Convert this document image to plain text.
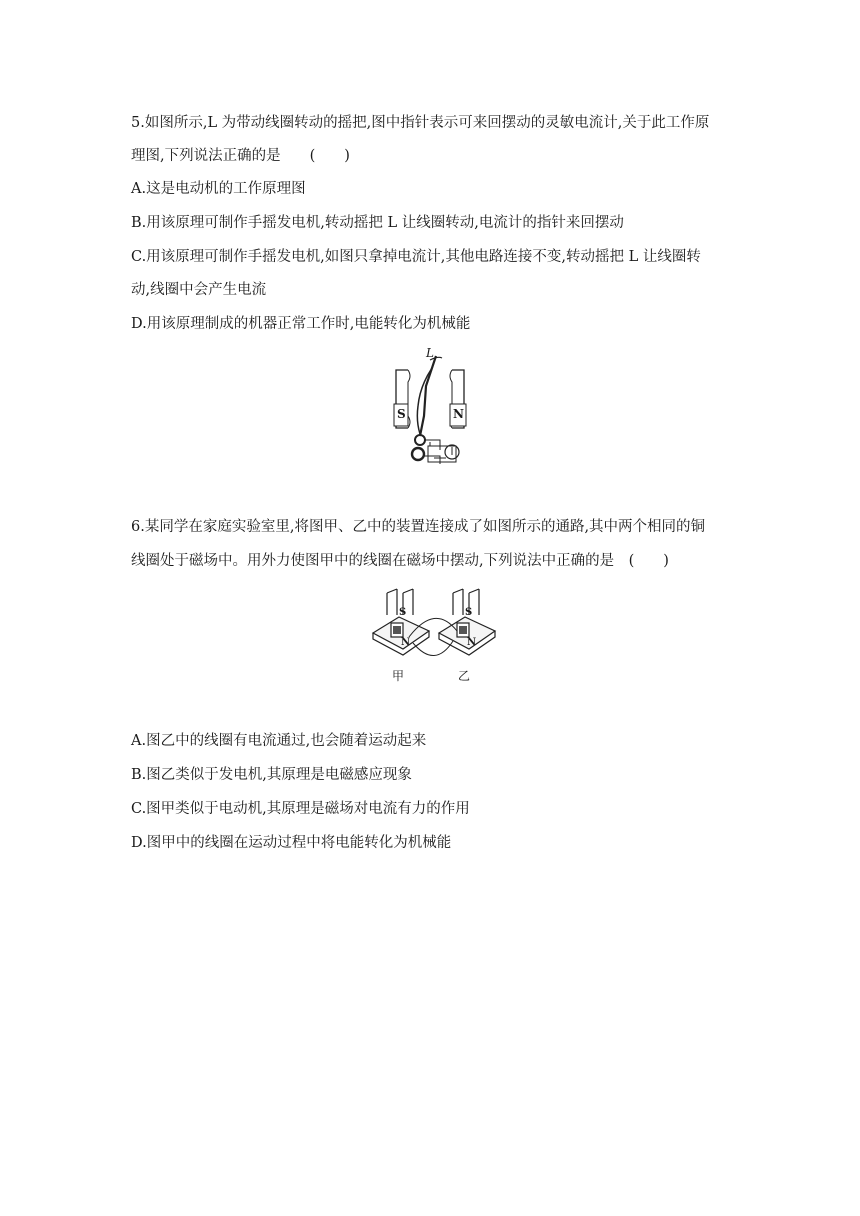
5.如图所示,L 为带动线圈转动的摇把,图中指针表示可来回摆动的灵敏电流计,关于此工作原
理图,下列说法正确的是　　(　　)
A.这是电动机的工作原理图
B.用该原理可制作手摇发电机,转动摇把 L 让线圈转动,电流计的指针来回摆动
C.用该原理可制作手摇发电机,如图只拿掉电流计,其他电路连接不变,转动摇把 L 让线圈转
动,线圈中会产生电流
D.用该原理制成的机器正常工作时,电能转化为机械能
L
S	N
6.某同学在家庭实验室里,将图甲、乙中的装置连接成了如图所示的通路,其中两个相同的铜
线圈处于磁场中。用外力使图甲中的线圈在磁场中摆动,下列说法中正确的是　(　　)
S
N
S
N
甲	乙
A.图乙中的线圈有电流通过,也会随着运动起来
B.图乙类似于发电机,其原理是电磁感应现象
C.图甲类似于电动机,其原理是磁场对电流有力的作用
D.图甲中的线圈在运动过程中将电能转化为机械能
